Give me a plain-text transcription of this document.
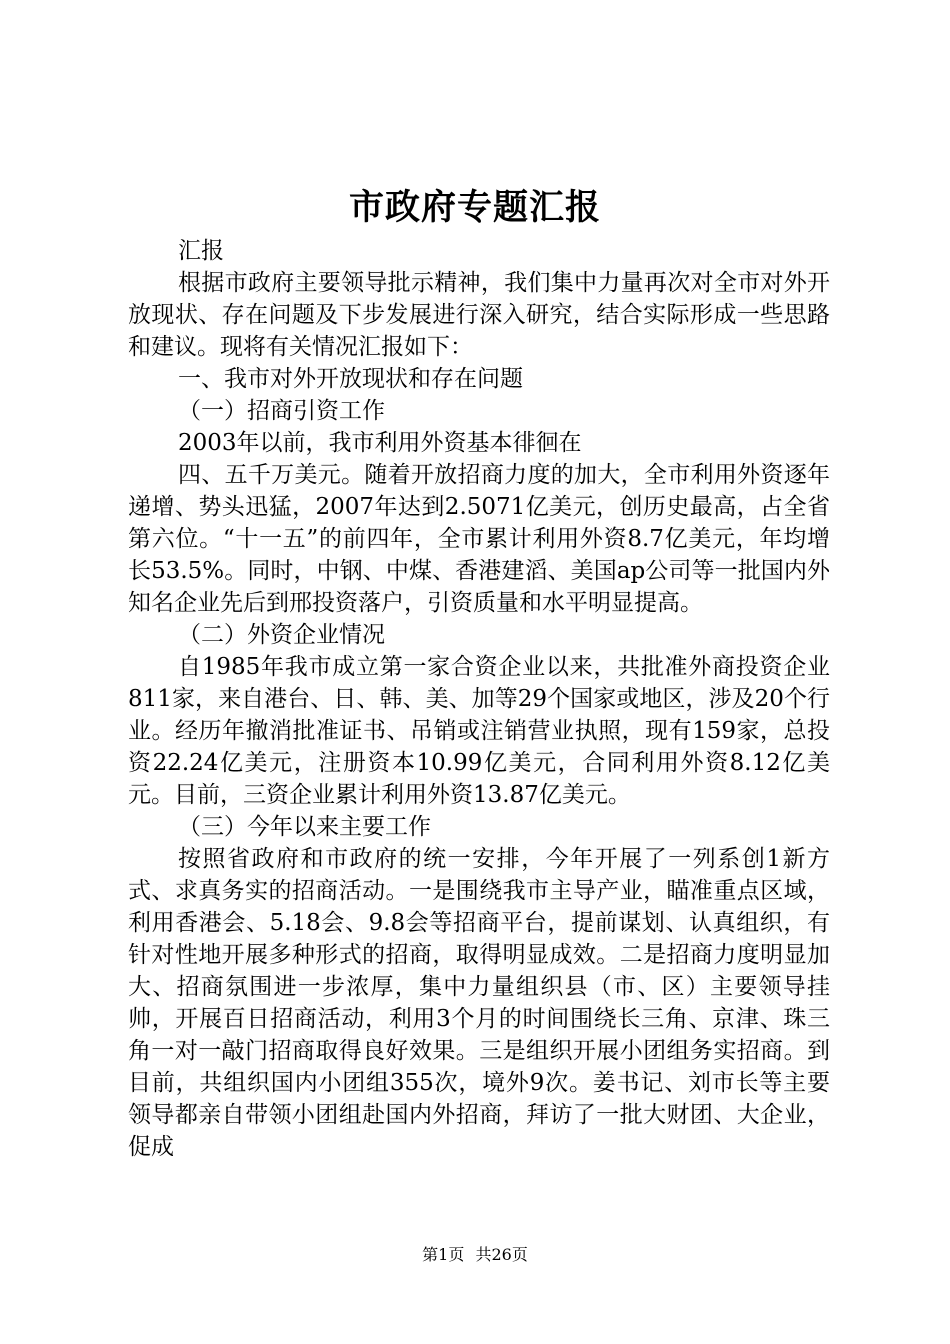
市政府专题汇报

汇报

根据市政府主要领导批示精神，我们集中力量再次对全市对外开放现状、存在问题及下步发展进行深入研究，结合实际形成一些思路和建议。现将有关情况汇报如下：

一、我市对外开放现状和存在问题

（一）招商引资工作

2003年以前，我市利用外资基本徘徊在

四、五千万美元。随着开放招商力度的加大，全市利用外资逐年递增、势头迅猛，2007年达到2.5071亿美元，创历史最高，占全省第六位。“十一五”的前四年，全市累计利用外资8.7亿美元，年均增长53.5%。同时，中钢、中煤、香港建滔、美国ap公司等一批国内外知名企业先后到邢投资落户，引资质量和水平明显提高。

（二）外资企业情况

自1985年我市成立第一家合资企业以来，共批准外商投资企业811家，来自港台、日、韩、美、加等29个国家或地区，涉及20个行业。经历年撤消批准证书、吊销或注销营业执照，现有159家，总投资22.24亿美元，注册资本10.99亿美元，合同利用外资8.12亿美元。目前，三资企业累计利用外资13.87亿美元。

（三）今年以来主要工作

按照省政府和市政府的统一安排，今年开展了一列系创1新方式、求真务实的招商活动。一是围绕我市主导产业，瞄准重点区域，利用香港会、5.18会、9.8会等招商平台，提前谋划、认真组织，有针对性地开展多种形式的招商，取得明显成效。二是招商力度明显加大、招商氛围进一步浓厚，集中力量组织县（市、区）主要领导挂帅，开展百日招商活动，利用3个月的时间围绕长三角、京津、珠三角一对一敲门招商取得良好效果。三是组织开展小团组务实招商。到目前，共组织国内小团组355次，境外9次。姜书记、刘市长等主要领导都亲自带领小团组赴国内外招商，拜访了一批大财团、大企业，促成

第1页 共26页
